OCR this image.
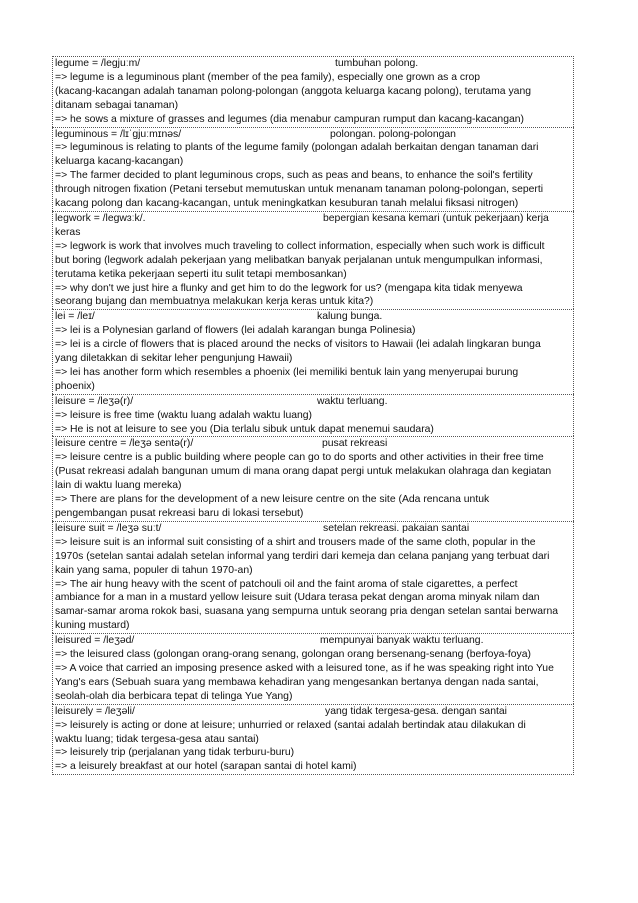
legume = /legjuːm/	tumbuhan polong.
=> legume is a leguminous plant (member of the pea family), especially one grown as a crop
(kacang-kacangan adalah tanaman polong-polongan (anggota keluarga kacang polong), terutama yang
ditanam sebagai tanaman)
=> he sows a mixture of grasses and legumes (dia menabur campuran rumput dan kacang-kacangan)
leguminous = /lɪˈɡjuːmɪnəs/	polongan. polong-polongan
=> leguminous is relating to plants of the legume family (polongan adalah berkaitan dengan tanaman dari
keluarga kacang-kacangan)
=> The farmer decided to plant leguminous crops, such as peas and beans, to enhance the soil's fertility
through nitrogen fixation (Petani tersebut memutuskan untuk menanam tanaman polong-polongan, seperti
kacang polong dan kacang-kacangan, untuk meningkatkan kesuburan tanah melalui fiksasi nitrogen)
legwork = /legwɜːk/.	bepergian kesana kemari (untuk pekerjaan) kerja
keras
=> legwork is work that involves much traveling to collect information, especially when such work is difficult
but boring (legwork adalah pekerjaan yang melibatkan banyak perjalanan untuk mengumpulkan informasi,
terutama ketika pekerjaan seperti itu sulit tetapi membosankan)
=> why don't we just hire a flunky and get him to do the legwork for us? (mengapa kita tidak menyewa
seorang bujang dan membuatnya melakukan kerja keras untuk kita?)
lei = /leɪ/	kalung bunga.
=> lei is a Polynesian garland of flowers (lei adalah karangan bunga Polinesia)
=> lei is a circle of flowers that is placed around the necks of visitors to Hawaii (lei adalah lingkaran bunga
yang diletakkan di sekitar leher pengunjung Hawaii)
=> lei has another form which resembles a phoenix (lei memiliki bentuk lain yang menyerupai burung
phoenix)
leisure = /leʒə(r)/	waktu terluang.
=> leisure is free time (waktu luang adalah waktu luang)
=> He is not at leisure to see you (Dia terlalu sibuk untuk dapat menemui saudara)
leisure centre = /leʒə sentə(r)/	pusat rekreasi
=> leisure centre is a public building where people can go to do sports and other activities in their free time
(Pusat rekreasi adalah bangunan umum di mana orang dapat pergi untuk melakukan olahraga dan kegiatan
lain di waktu luang mereka)
=> There are plans for the development of a new leisure centre on the site (Ada rencana untuk
pengembangan pusat rekreasi baru di lokasi tersebut)
leisure suit = /leʒə suːt/	setelan rekreasi. pakaian santai
=> leisure suit is an informal suit consisting of a shirt and trousers made of the same cloth, popular in the
1970s (setelan santai adalah setelan informal yang terdiri dari kemeja dan celana panjang yang terbuat dari
kain yang sama, populer di tahun 1970-an)
=> The air hung heavy with the scent of patchouli oil and the faint aroma of stale cigarettes, a perfect
ambiance for a man in a mustard yellow leisure suit (Udara terasa pekat dengan aroma minyak nilam dan
samar-samar aroma rokok basi, suasana yang sempurna untuk seorang pria dengan setelan santai berwarna
kuning mustard)
leisured = /leʒəd/	mempunyai banyak waktu terluang.
=> the leisured class (golongan orang-orang senang, golongan orang bersenang-senang (berfoya-foya)
=> A voice that carried an imposing presence asked with a leisured tone, as if he was speaking right into Yue
Yang's ears (Sebuah suara yang membawa kehadiran yang mengesankan bertanya dengan nada santai,
seolah-olah dia berbicara tepat di telinga Yue Yang)
leisurely = /leʒəli/	yang tidak tergesa-gesa. dengan santai
=> leisurely is acting or done at leisure; unhurried or relaxed (santai adalah bertindak atau dilakukan di
waktu luang; tidak tergesa-gesa atau santai)
=> leisurely trip (perjalanan yang tidak terburu-buru)
=> a leisurely breakfast at our hotel (sarapan santai di hotel kami)
